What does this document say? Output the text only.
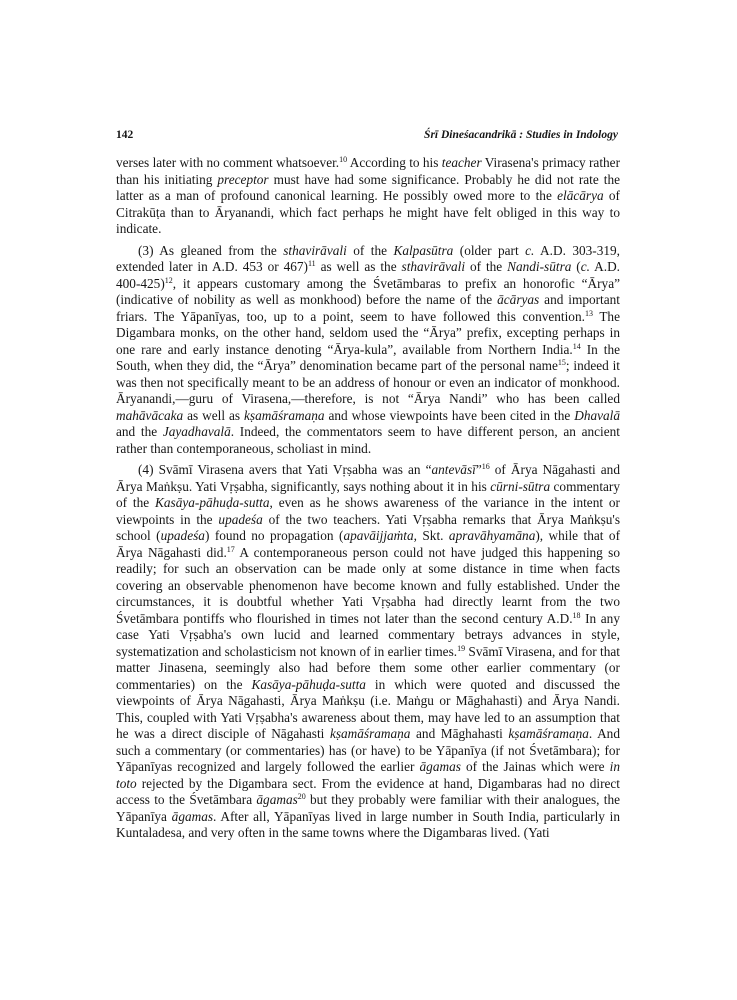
142	Śrī Dineśacandrikā : Studies in Indology

verses later with no comment whatsoever.$^{10}$ According to his teacher Virasena's primacy rather than his initiating preceptor must have had some significance. Probably he did not rate the latter as a man of profound canonical learning. He possibly owed more to the elācārya of Citrakūṭa than to Āryanandi, which fact perhaps he might have felt obliged in this way to indicate.

(3) As gleaned from the sthavirāvali of the Kalpasūtra (older part c. A.D. 303-319, extended later in A.D. 453 or 467)$^{11}$ as well as the sthavirāvali of the Nandi-sūtra (c. A.D. 400-425)$^{12}$, it appears customary among the Śvetāmbaras to prefix an honorofic “Ārya” (indicative of nobility as well as monkhood) before the name of the ācāryas and important friars. The Yāpanīyas, too, up to a point, seem to have followed this convention.$^{13}$ The Digambara monks, on the other hand, seldom used the “Ārya” prefix, excepting perhaps in one rare and early instance denoting “Ārya-kula”, available from Northern India.$^{14}$ In the South, when they did, the “Ārya” denomination became part of the personal name$^{15}$; indeed it was then not specifically meant to be an address of honour or even an indicator of monkhood. Āryanandi,—guru of Virasena,—therefore, is not “Ārya Nandi” who has been called mahāvācaka as well as kṣamāśramaṇa and whose viewpoints have been cited in the Dhavalā and the Jayadhavalā. Indeed, the commentators seem to have different person, an ancient rather than contemporaneous, scholiast in mind.

(4) Svāmī Virasena avers that Yati Vṛṣabha was an “antevāsī”$^{16}$ of Ārya Nāgahasti and Ārya Maṅkṣu. Yati Vṛṣabha, significantly, says nothing about it in his cūrni-sūtra commentary of the Kasāya-pāhuḍa-sutta, even as he shows awareness of the variance in the intent or viewpoints in the upadeśa of the two teachers. Yati Vṛṣabha remarks that Ārya Maṅkṣu's school (upadeśa) found no propagation (apavāijjaṁta, Skt. apravāhyamāna), while that of Ārya Nāgahasti did.$^{17}$ A contemporaneous person could not have judged this happening so readily; for such an observation can be made only at some distance in time when facts covering an observable phenomenon have become known and fully established. Under the circumstances, it is doubtful whether Yati Vṛṣabha had directly learnt from the two Śvetāmbara pontiffs who flourished in times not later than the second century A.D.$^{18}$ In any case Yati Vṛṣabha's own lucid and learned commentary betrays advances in style, systematization and scholasticism not known of in earlier times.$^{19}$ Svāmī Virasena, and for that matter Jinasena, seemingly also had before them some other earlier commentary (or commentaries) on the Kasāya-pāhuḍa-sutta in which were quoted and discussed the viewpoints of Ārya Nāgahasti, Ārya Maṅkṣu (i.e. Maṅgu or Māghahasti) and Ārya Nandi. This, coupled with Yati Vṛṣabha's awareness about them, may have led to an assumption that he was a direct disciple of Nāgahasti kṣamāśramaṇa and Māghahasti kṣamāśramaṇa. And such a commentary (or commentaries) has (or have) to be Yāpanīya (if not Śvetāmbara); for Yāpanīyas recognized and largely followed the earlier āgamas of the Jainas which were in toto rejected by the Digambara sect. From the evidence at hand, Digambaras had no direct access to the Śvetāmbara āgamas$^{20}$ but they probably were familiar with their analogues, the Yāpanīya āgamas. After all, Yāpanīyas lived in large number in South India, particularly in Kuntaladesa, and very often in the same towns where the Digambaras lived. (Yati
